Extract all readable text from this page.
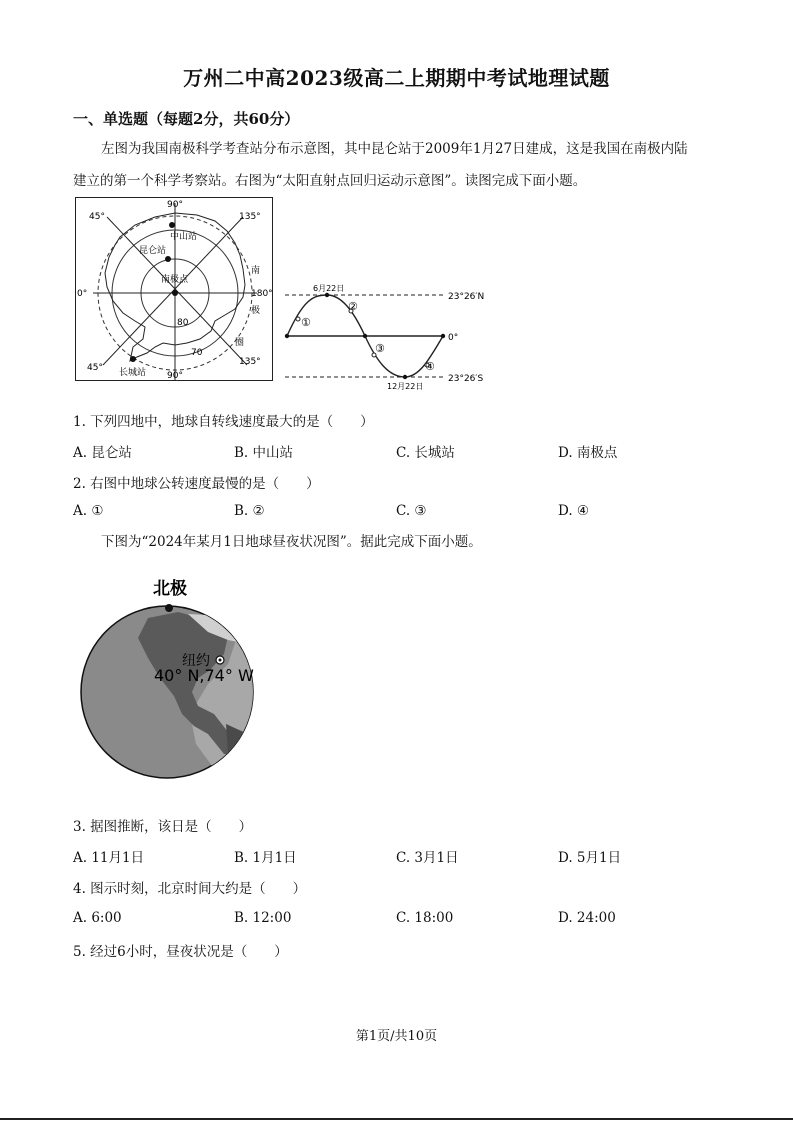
万州二中高2023级高二上期期中考试地理试题
一、单选题（每题2分，共60分）

左图为我国南极科学考查站分布示意图，其中昆仑站于2009年1月27日建成，这是我国在南极内陆

建立的第一个科学考察站。右图为“太阳直射点回归运动示意图”。读图完成下面小题。
90°
45°	135°
0°	180°
45°
90°
135°
中山站
昆仑站
南极点
长城站
80
70
南
极
圈
6月22日
12月22日
23°26′N
0°
23°26′S
①
②
③
④
1. 下列四地中，地球自转线速度最大的是（　　）
A. 昆仑站	B. 中山站	C. 长城站	D. 南极点
2. 右图中地球公转速度最慢的是（　　）
A. ①	B. ②	C. ③	D. ④
下图为“2024年某月1日地球昼夜状况图”。据此完成下面小题。
北极
纽约
40° N,74° W
3. 据图推断，该日是（　　）
A. 11月1日	B. 1月1日	C. 3月1日	D. 5月1日
4. 图示时刻，北京时间大约是（　　）
A. 6:00	B. 12:00	C. 18:00	D. 24:00
5. 经过6小时，昼夜状况是（　　）
第1页/共10页
